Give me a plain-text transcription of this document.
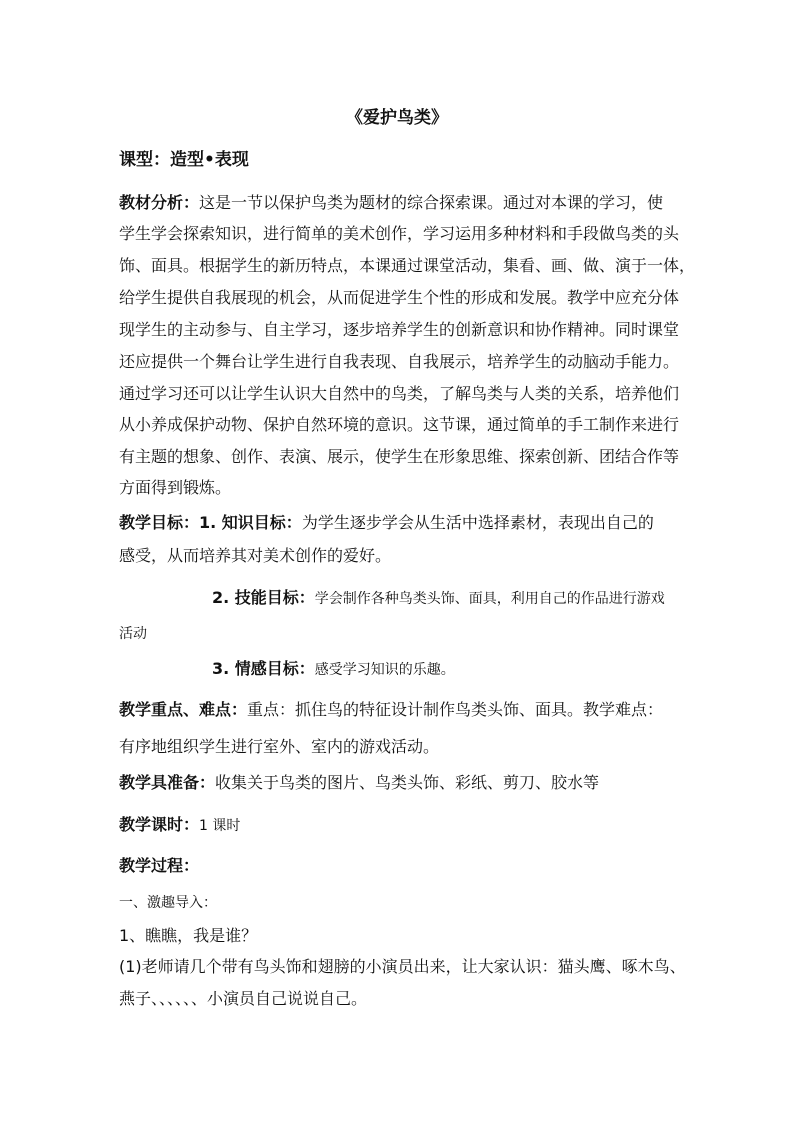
《爱护鸟类》
课型：造型•表现
教材分析：这是一节以保护鸟类为题材的综合探索课。通过对本课的学习，使
学生学会探索知识，进行简单的美术创作，学习运用多种材料和手段做鸟类的头
饰、面具。根据学生的新历特点，本课通过课堂活动，集看、画、做、演于一体，
给学生提供自我展现的机会，从而促进学生个性的形成和发展。教学中应充分体
现学生的主动参与、自主学习，逐步培养学生的创新意识和协作精神。同时课堂
还应提供一个舞台让学生进行自我表现、自我展示，培养学生的动脑动手能力。
通过学习还可以让学生认识大自然中的鸟类，了解鸟类与人类的关系，培养他们
从小养成保护动物、保护自然环境的意识。这节课，通过简单的手工制作来进行
有主题的想象、创作、表演、展示，使学生在形象思维、探索创新、团结合作等
方面得到锻炼。
教学目标：1. 知识目标：为学生逐步学会从生活中选择素材，表现出自己的
感受，从而培养其对美术创作的爱好。
2. 技能目标：学会制作各种鸟类头饰、面具，利用自己的作品进行游戏
活动
3. 情感目标：感受学习知识的乐趣。
教学重点、难点：重点：抓住鸟的特征设计制作鸟类头饰、面具。教学难点：
有序地组织学生进行室外、室内的游戏活动。
教学具准备：收集关于鸟类的图片、鸟类头饰、彩纸、剪刀、胶水等
教学课时：1 课时
教学过程：
一、激趣导入：
1、瞧瞧，我是谁？
(1)老师请几个带有鸟头饰和翅膀的小演员出来，让大家认识：猫头鹰、啄木鸟、
燕子、、、、、、小演员自己说说自己。
